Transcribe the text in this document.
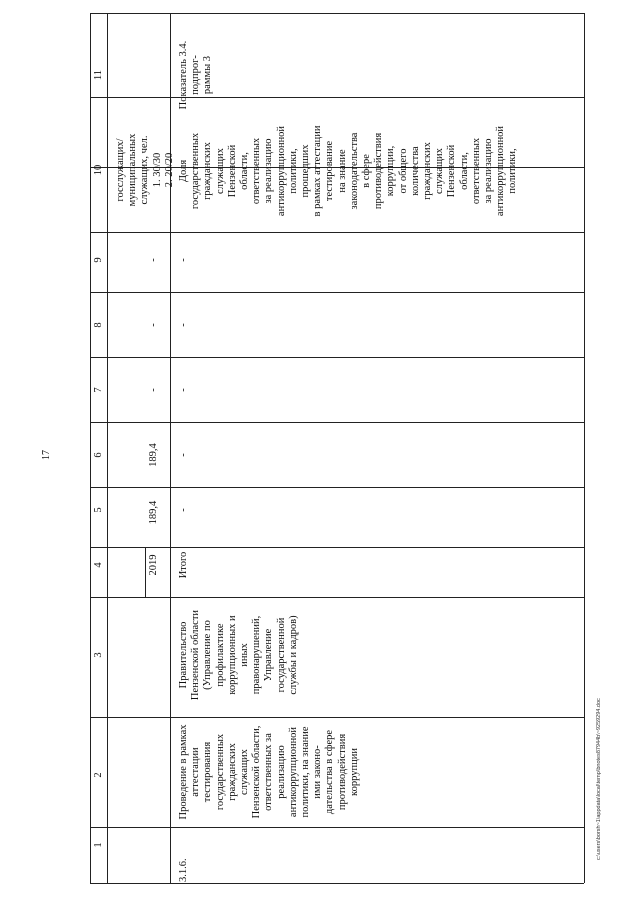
17
1
2
3
4
5
6
7
8
9
10
11
2019
189,4
189,4
-
-
-
госслужащих/ муниципальных служащих, чел. 1. 30/30 2. 20/20
3.1.6.
Проведение в рамках аттестации тестирования государственных гражданских служащих Пензенской области, ответственных за реализацию антикоррупционной политики, на знание ими законо- дательства в сфере противодействия коррупции
Правительство Пензенской области (Управление по профилактике коррупционных и иных правонарушений, Управление государственной службы и кадров)
Итого
-
-
-
-
-
Доля государственных гражданских служащих Пензенской области, ответственных за реализацию антикоррупционной политики, прошедших в рамках аттестации тестирование на знание законодательства в сфере противодействия коррупции, от общего количества гражданских служащих Пензенской области, ответственных за реализацию антикоррупционной политики,
Показатель 3.4. подпрог- раммы 3
c:\users\borsh~1\appdata\local\temp\bnotes87944b\~9259294.doc
